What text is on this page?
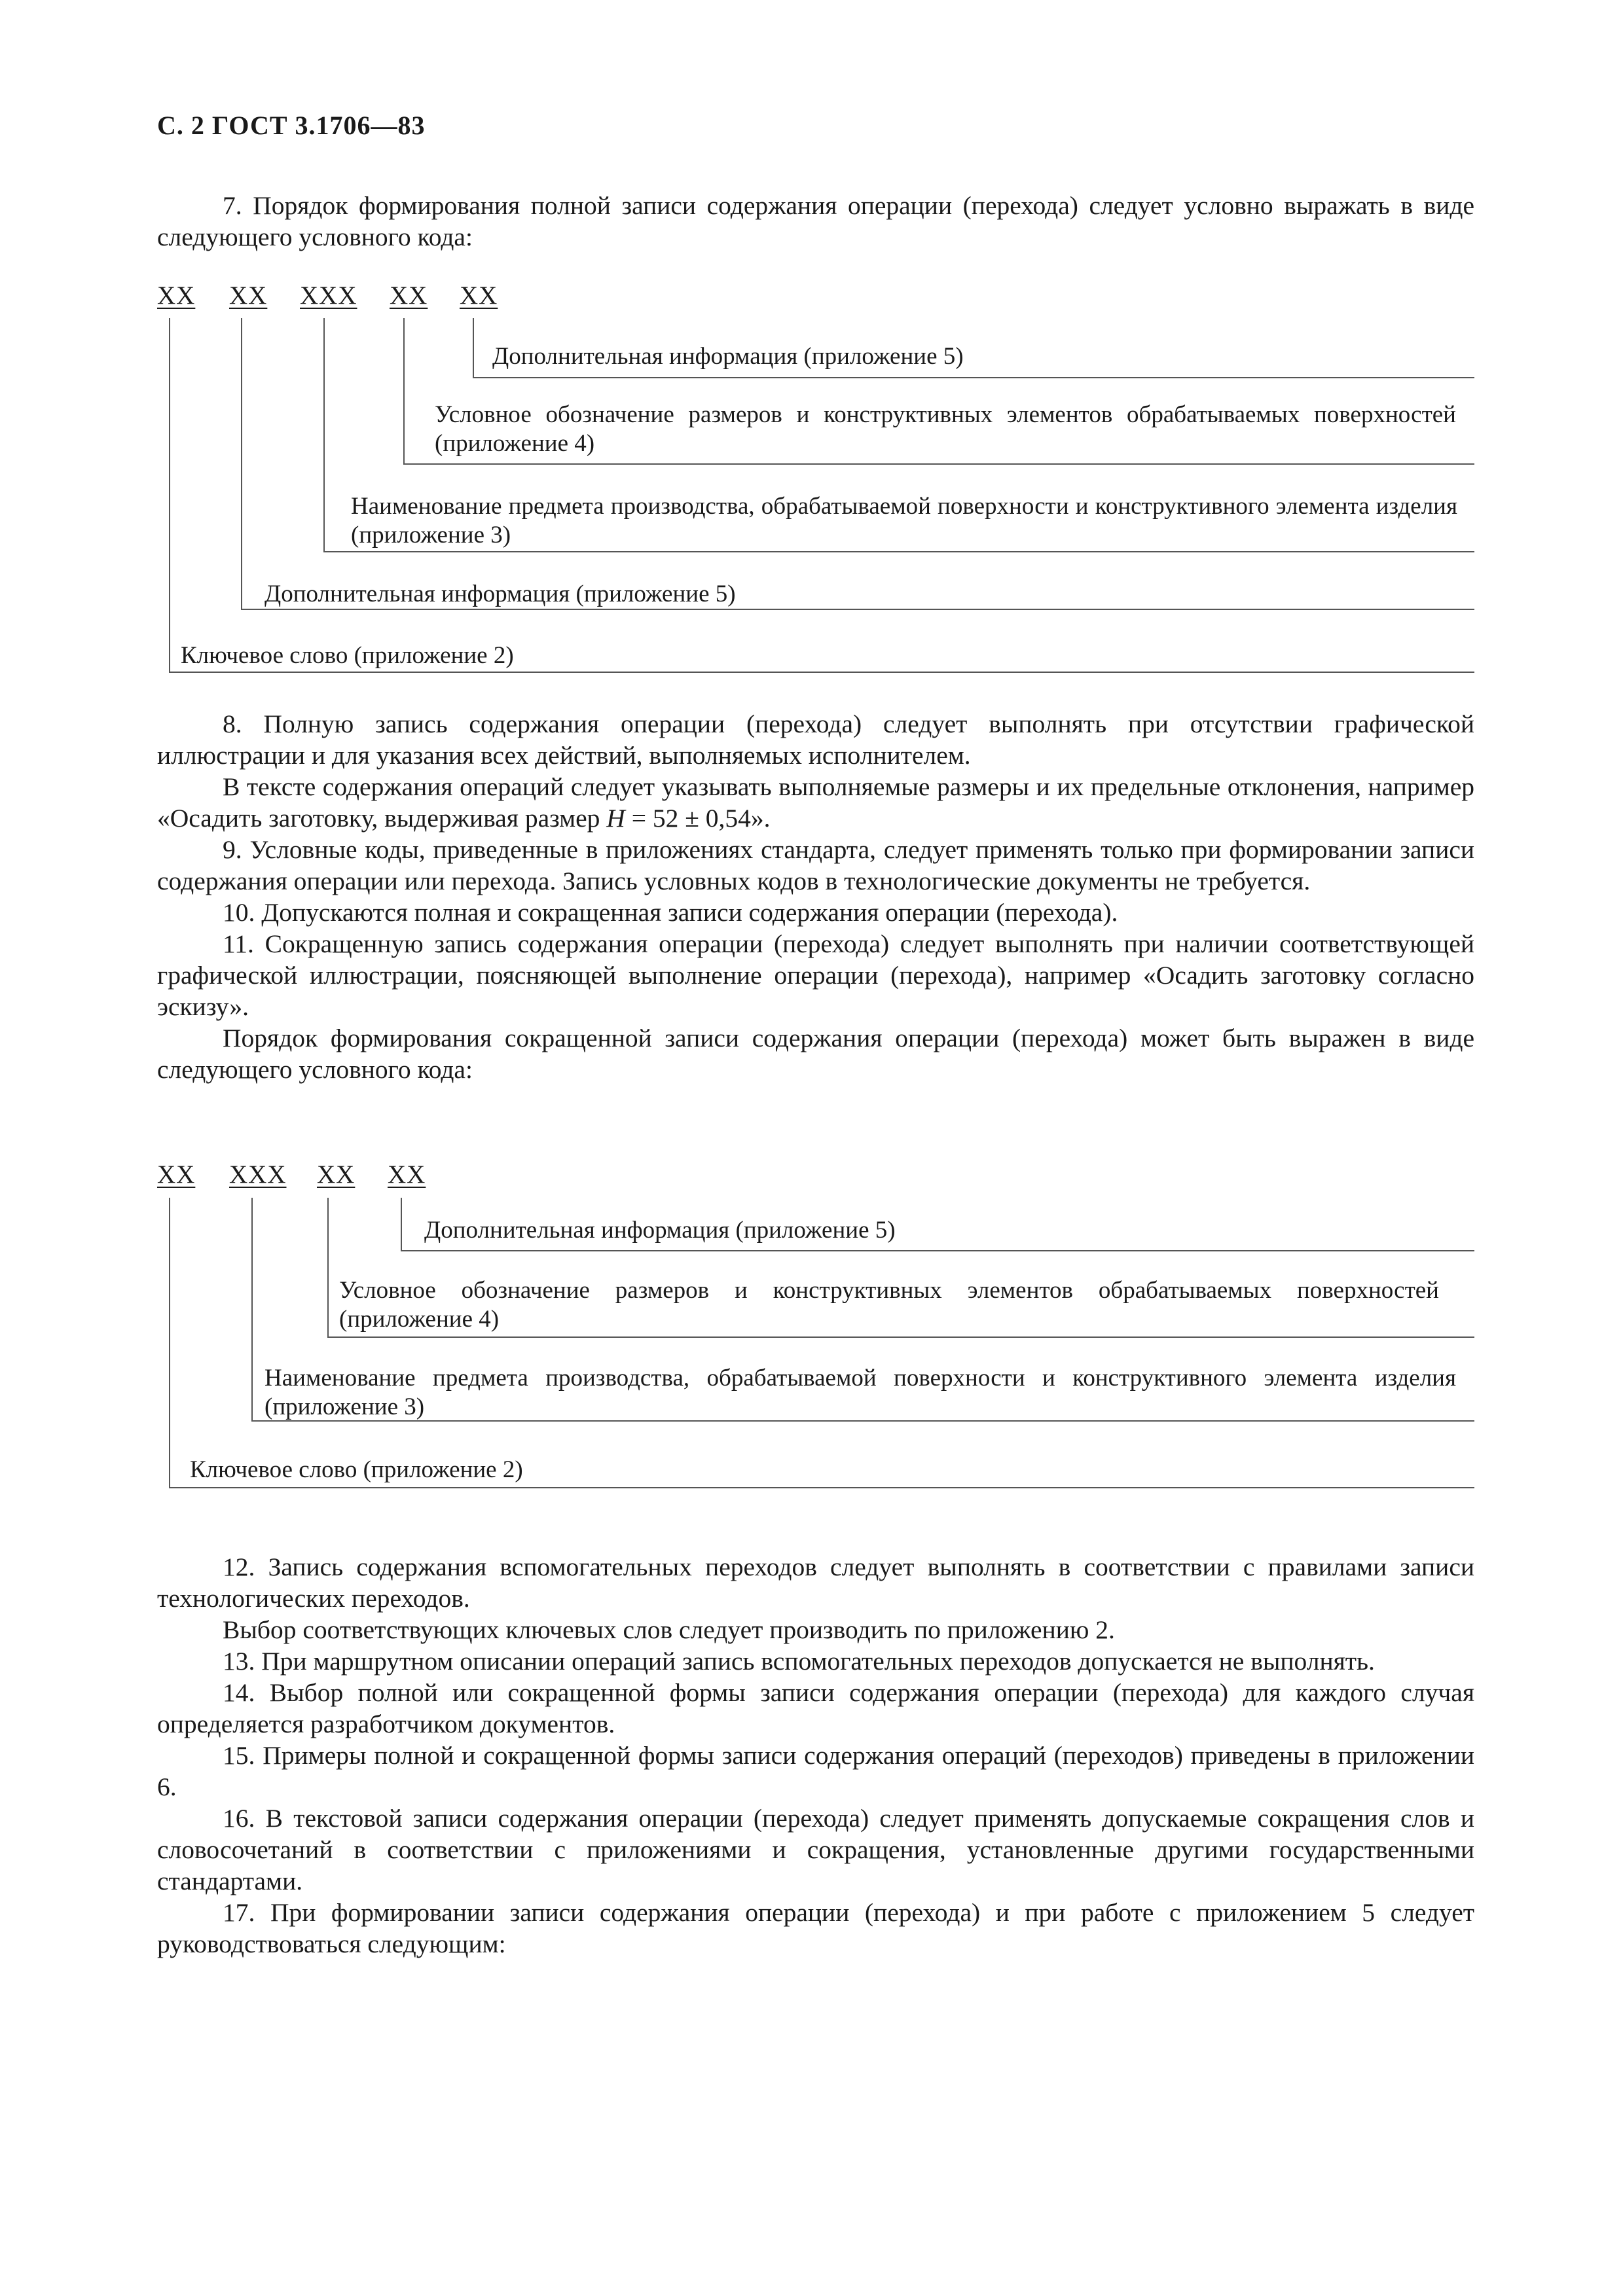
С. 2 ГОСТ 3.1706—83

7. Порядок формирования полной записи содержания операции (перехода) следует условно выражать в виде следующего условного кода:

ХХ ХХ ХХХ ХХ ХХ
Дополнительная информация (приложение 5)
Условное обозначение размеров и конструктивных элементов обрабатываемых поверхностей (приложение 4)
Наименование предмета производства, обрабатываемой поверхности и конструктивного элемента изделия (приложение 3)
Дополнительная информация (приложение 5)
Ключевое слово (приложение 2)

8. Полную запись содержания операции (перехода) следует выполнять при отсутствии графической иллюстрации и для указания всех действий, выполняемых исполнителем.

В тексте содержания операций следует указывать выполняемые размеры и их предельные отклонения, например «Осадить заготовку, выдерживая размер H = 52 ± 0,54».

9. Условные коды, приведенные в приложениях стандарта, следует применять только при формировании записи содержания операции или перехода. Запись условных кодов в технологические документы не требуется.

10. Допускаются полная и сокращенная записи содержания операции (перехода).

11. Сокращенную запись содержания операции (перехода) следует выполнять при наличии соответствующей графической иллюстрации, поясняющей выполнение операции (перехода), например «Осадить заготовку согласно эскизу».

Порядок формирования сокращенной записи содержания операции (перехода) может быть выражен в виде следующего условного кода:

ХХ ХХХ ХХ ХХ
Дополнительная информация (приложение 5)
Условное обозначение размеров и конструктивных элементов обрабатываемых поверхностей (приложение 4)
Наименование предмета производства, обрабатываемой поверхности и конструктивного элемента изделия (приложение 3)
Ключевое слово (приложение 2)

12. Запись содержания вспомогательных переходов следует выполнять в соответствии с правилами записи технологических переходов.

Выбор соответствующих ключевых слов следует производить по приложению 2.

13. При маршрутном описании операций запись вспомогательных переходов допускается не выполнять.

14. Выбор полной или сокращенной формы записи содержания операции (перехода) для каждого случая определяется разработчиком документов.

15. Примеры полной и сокращенной формы записи содержания операций (переходов) приведены в приложении 6.

16. В текстовой записи содержания операции (перехода) следует применять допускаемые сокращения слов и словосочетаний в соответствии с приложениями и сокращения, установленные другими государственными стандартами.

17. При формировании записи содержания операции (перехода) и при работе с приложением 5 следует руководствоваться следующим:
